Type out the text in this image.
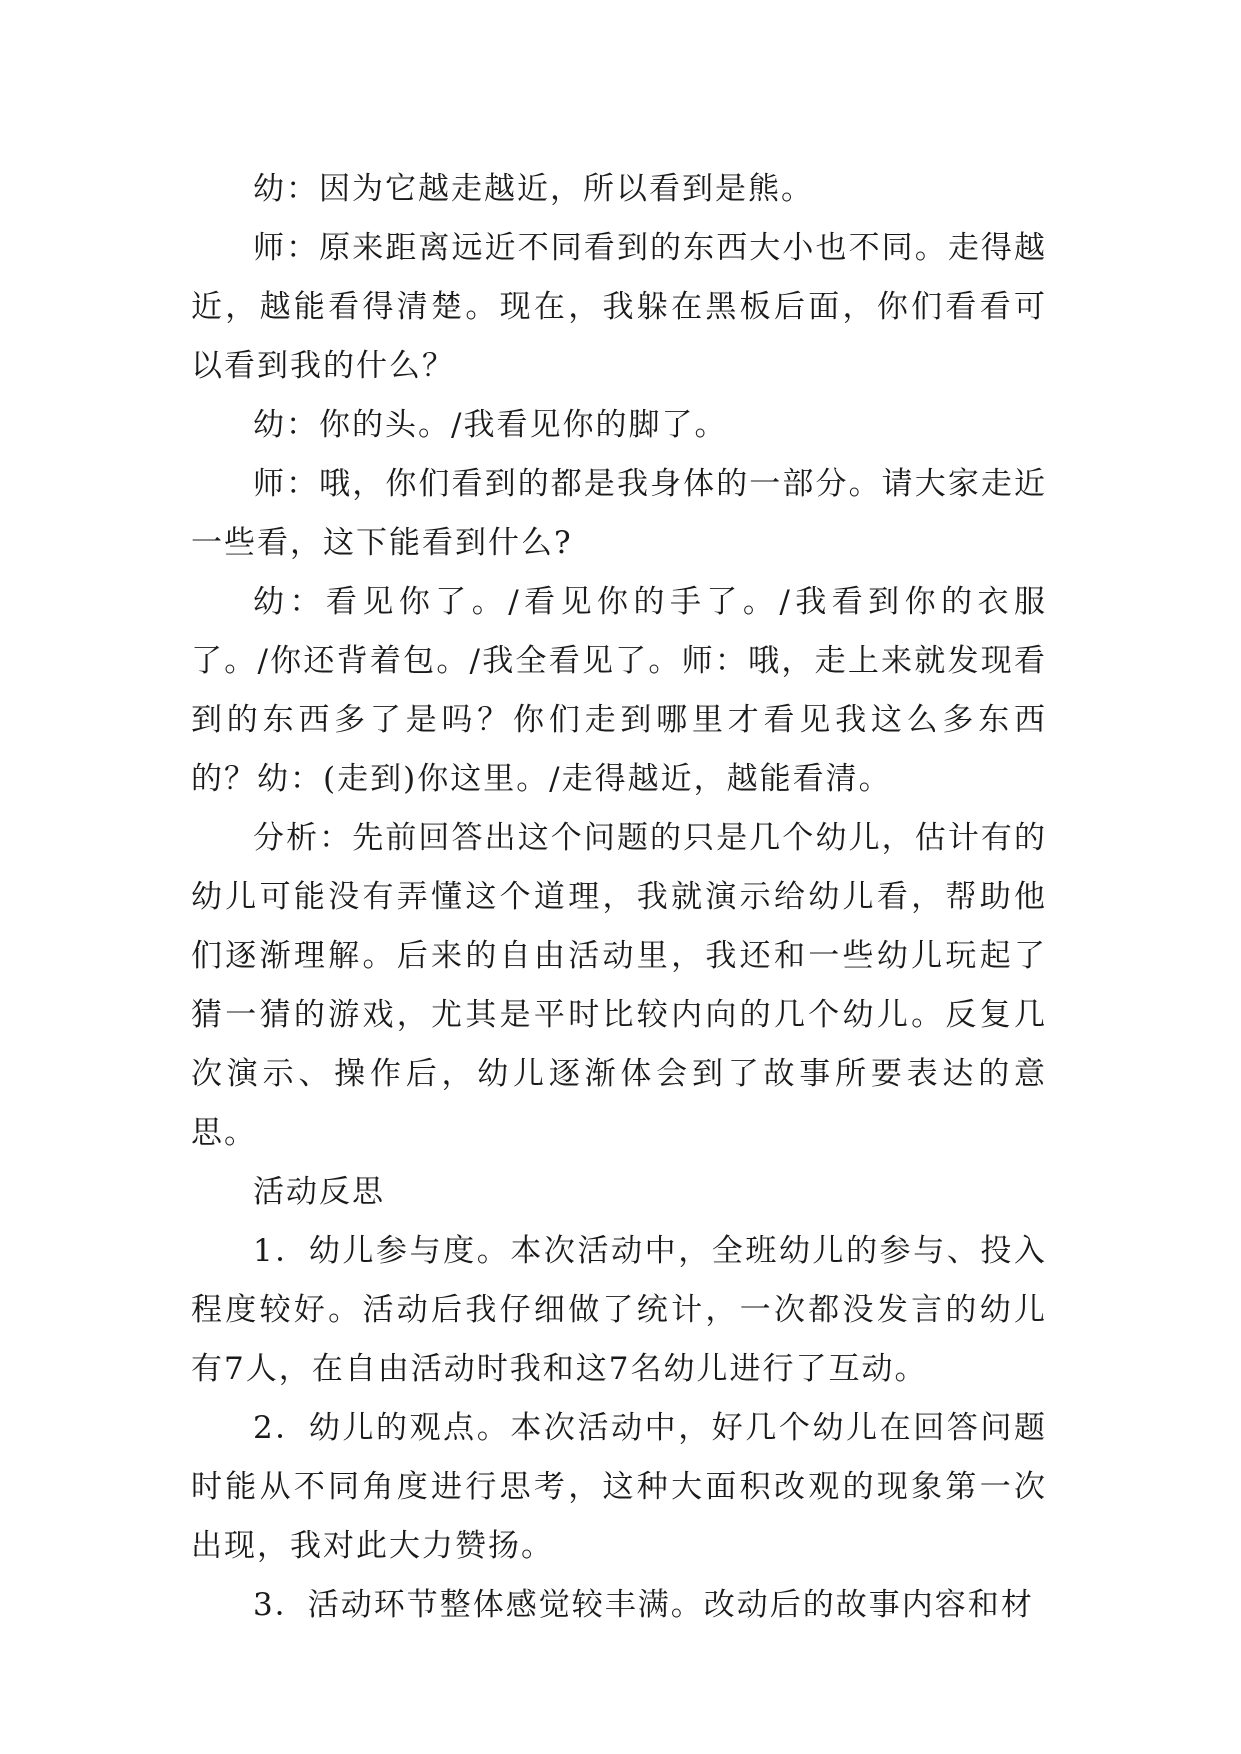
幼：因为它越走越近，所以看到是熊。

师：原来距离远近不同看到的东西大小也不同。走得越近，越能看得清楚。现在，我躲在黑板后面，你们看看可以看到我的什么？

幼：你的头。/我看见你的脚了。

师：哦，你们看到的都是我身体的一部分。请大家走近一些看，这下能看到什么?

幼：看见你了。/看见你的手了。/我看到你的衣服了。/你还背着包。/我全看见了。师：哦，走上来就发现看到的东西多了是吗？你们走到哪里才看见我这么多东西的？幼：(走到)你这里。/走得越近，越能看清。

分析：先前回答出这个问题的只是几个幼儿，估计有的幼儿可能没有弄懂这个道理，我就演示给幼儿看，帮助他们逐渐理解。后来的自由活动里，我还和一些幼儿玩起了猜一猜的游戏，尤其是平时比较内向的几个幼儿。反复几次演示、操作后，幼儿逐渐体会到了故事所要表达的意思。

活动反思

1．幼儿参与度。本次活动中，全班幼儿的参与、投入程度较好。活动后我仔细做了统计，一次都没发言的幼儿有7人，在自由活动时我和这7名幼儿进行了互动。

2．幼儿的观点。本次活动中，好几个幼儿在回答问题时能从不同角度进行思考，这种大面积改观的现象第一次出现，我对此大力赞扬。

3．活动环节整体感觉较丰满。改动后的故事内容和材
